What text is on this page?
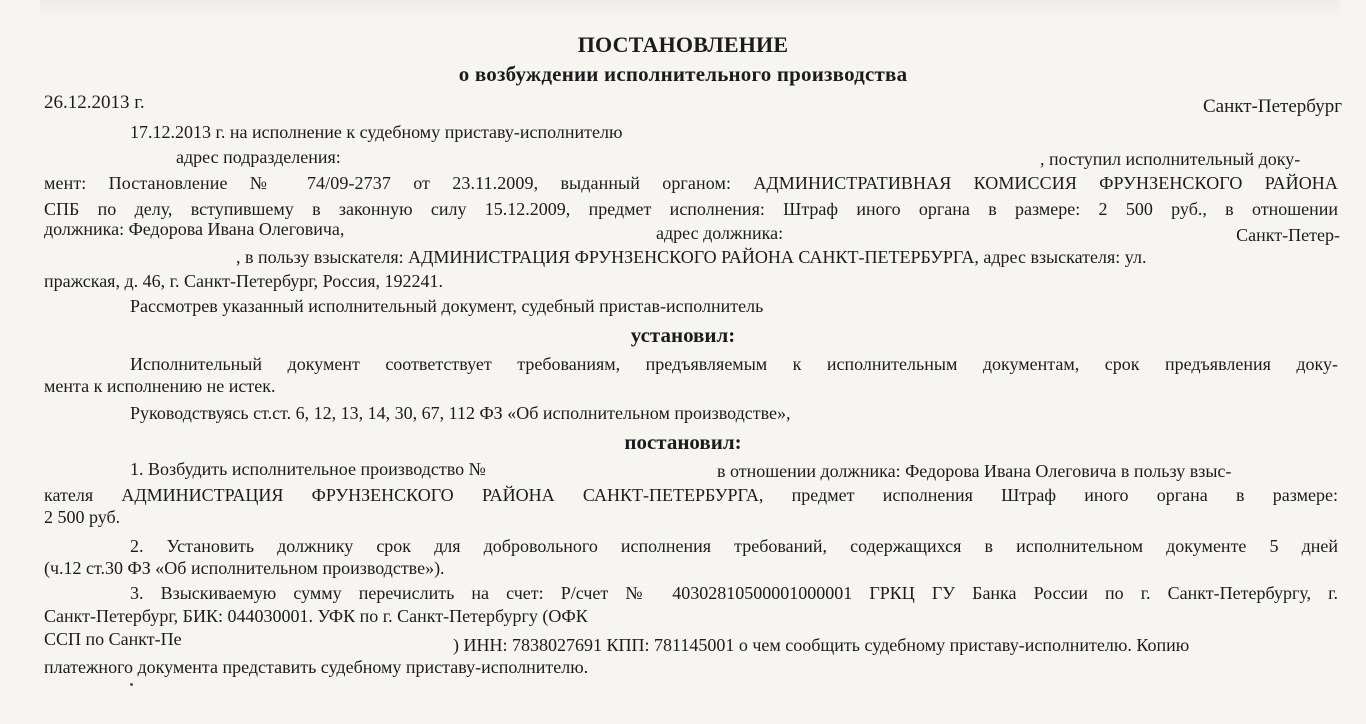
ПОСТАНОВЛЕНИЕ
о возбуждении исполнительного производства
26.12.2013 г.	Санкт-Петербург
17.12.2013 г. на исполнение к судебному приставу-исполнителю
адрес подразделения:	, поступил исполнительный доку-
мент: Постановление № 74/09-2737 от 23.11.2009, выданный органом: АДМИНИСТРАТИВНАЯ КОМИССИЯ ФРУНЗЕНСКОГО РАЙОНА
СПБ по делу, вступившему в законную силу 15.12.2009, предмет исполнения: Штраф иного органа в размере: 2 500 руб., в отношении
должника: Федорова Ивана Олеговича,	адрес должника:	Санкт-Петер-
, в пользу взыскателя: АДМИНИСТРАЦИЯ ФРУНЗЕНСКОГО РАЙОНА САНКТ-ПЕТЕРБУРГА, адрес взыскателя: ул.
пражская, д. 46, г. Санкт-Петербург, Россия, 192241.
Рассмотрев указанный исполнительный документ, судебный пристав-исполнитель
установил:
Исполнительный документ соответствует требованиям, предъявляемым к исполнительным документам, срок предъявления доку-
мента к исполнению не истек.
Руководствуясь ст.ст. 6, 12, 13, 14, 30, 67, 112 ФЗ «Об исполнительном производстве»,
постановил:
1. Возбудить исполнительное производство №	в отношении должника: Федорова Ивана Олеговича в пользу взыс-
кателя АДМИНИСТРАЦИЯ ФРУНЗЕНСКОГО РАЙОНА САНКТ-ПЕТЕРБУРГА, предмет исполнения Штраф иного органа в размере:
2 500 руб.
2. Установить должнику срок для добровольного исполнения требований, содержащихся в исполнительном документе 5 дней
(ч.12 ст.30 ФЗ «Об исполнительном производстве»).
3. Взыскиваемую сумму перечислить на счет: Р/счет № 40302810500001000001 ГРКЦ ГУ Банка России по г. Санкт-Петербургу, г.
Санкт-Петербург, БИК: 044030001. УФК по г. Санкт-Петербургу (ОФК
ССП по Санкт-Пе	) ИНН: 7838027691 КПП: 781145001 о чем сообщить судебному приставу-исполнителю. Копию
платежного документа представить судебному приставу-исполнителю.
